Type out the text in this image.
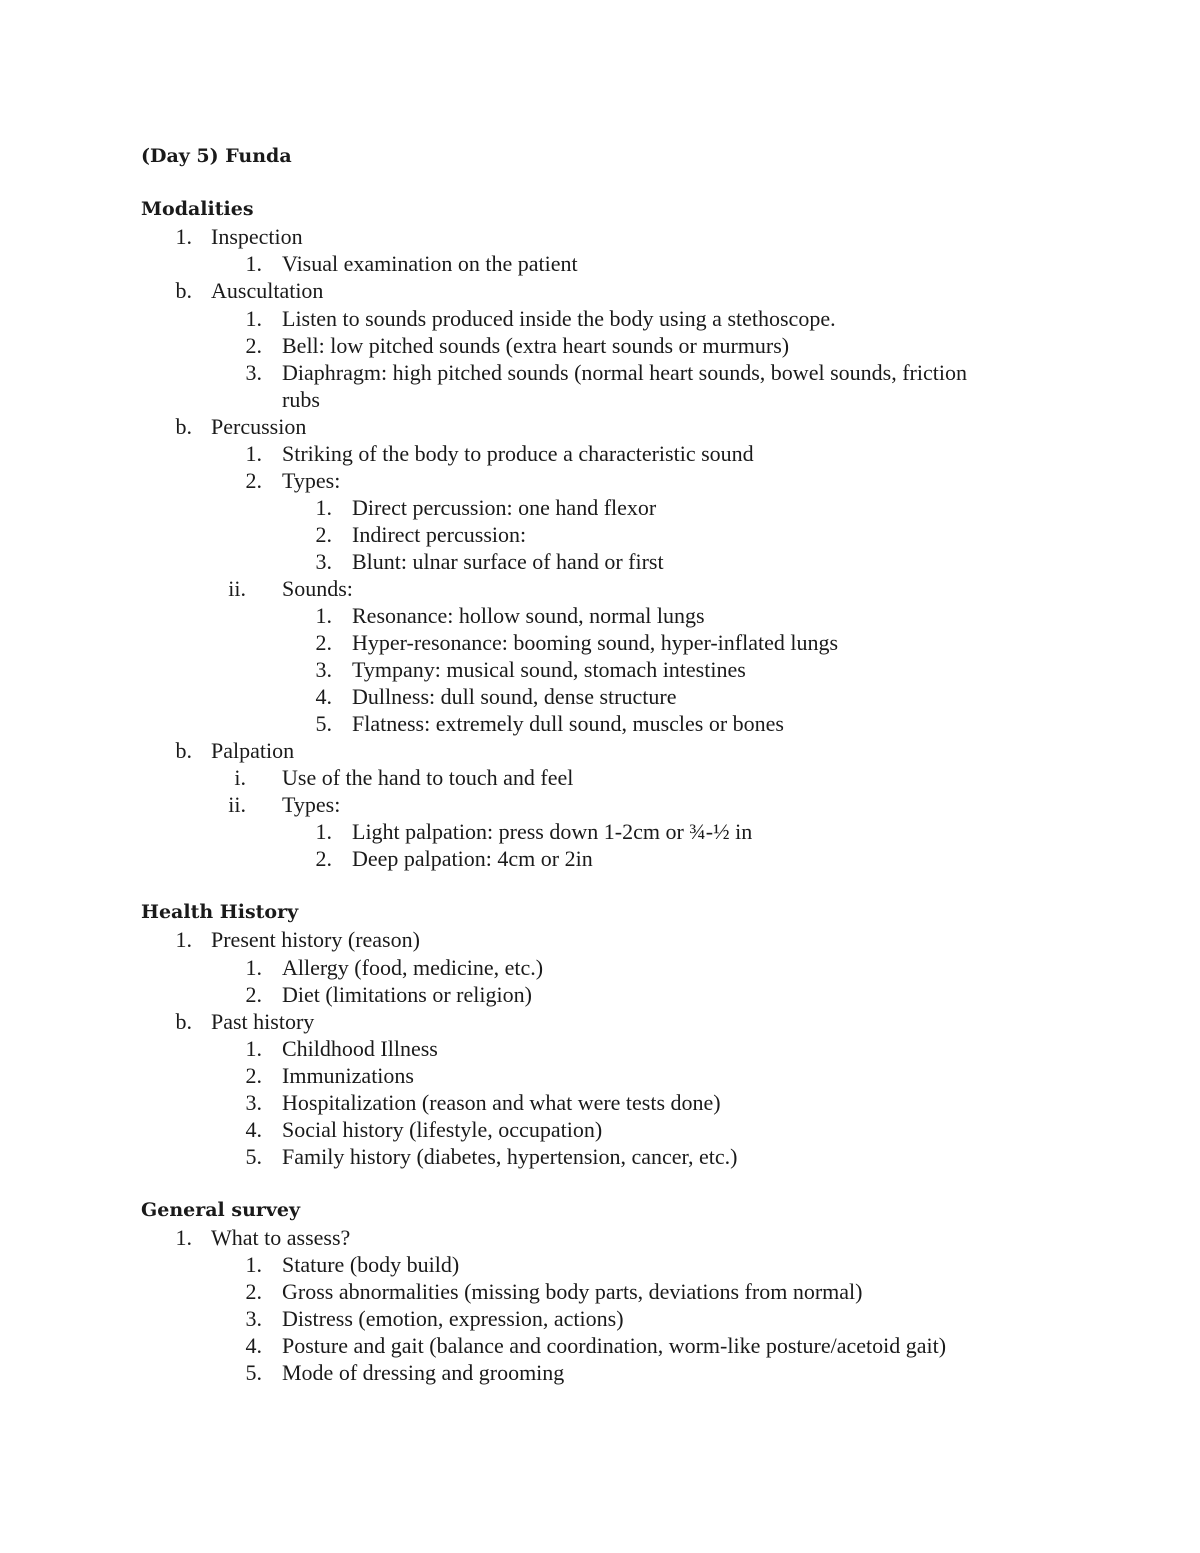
(Day 5) Funda
Modalities
1. Inspection
1. Visual examination on the patient
b. Auscultation
1. Listen to sounds produced inside the body using a stethoscope.
2. Bell: low pitched sounds (extra heart sounds or murmurs)
3. Diaphragm: high pitched sounds (normal heart sounds, bowel sounds, friction
rubs
b. Percussion
1. Striking of the body to produce a characteristic sound
2. Types:
1. Direct percussion: one hand flexor
2. Indirect percussion:
3. Blunt: ulnar surface of hand or first
ii. Sounds:
1. Resonance: hollow sound, normal lungs
2. Hyper-resonance: booming sound, hyper-inflated lungs
3. Tympany: musical sound, stomach intestines
4. Dullness: dull sound, dense structure
5. Flatness: extremely dull sound, muscles or bones
b. Palpation
i. Use of the hand to touch and feel
ii. Types:
1. Light palpation: press down 1-2cm or ¾-½ in
2. Deep palpation: 4cm or 2in
Health History
1. Present history (reason)
1. Allergy (food, medicine, etc.)
2. Diet (limitations or religion)
b. Past history
1. Childhood Illness
2. Immunizations
3. Hospitalization (reason and what were tests done)
4. Social history (lifestyle, occupation)
5. Family history (diabetes, hypertension, cancer, etc.)
General survey
1. What to assess?
1. Stature (body build)
2. Gross abnormalities (missing body parts, deviations from normal)
3. Distress (emotion, expression, actions)
4. Posture and gait (balance and coordination, worm-like posture/acetoid gait)
5. Mode of dressing and grooming
